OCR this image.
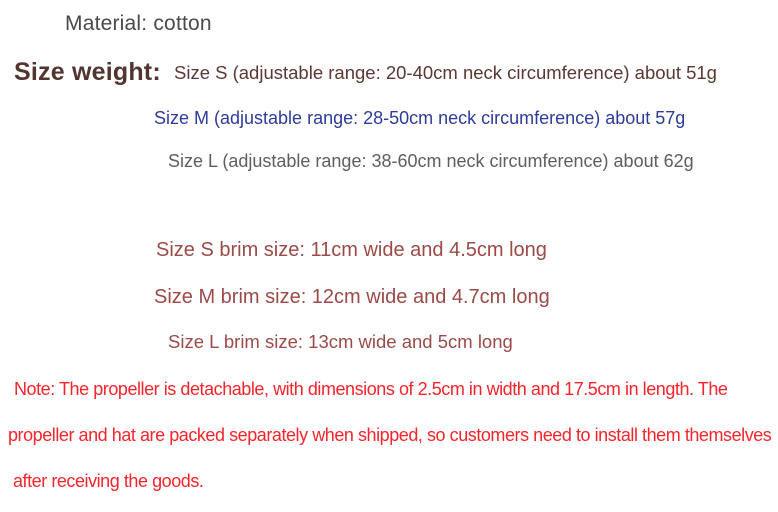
Material: cotton
Size weight: Size S (adjustable range: 20-40cm neck circumference) about 51g
Size M (adjustable range: 28-50cm neck circumference) about 57g
Size L (adjustable range: 38-60cm neck circumference) about 62g
Size S brim size: 11cm wide and 4.5cm long
Size M brim size: 12cm wide and 4.7cm long
Size L brim size: 13cm wide and 5cm long
Note: The propeller is detachable, with dimensions of 2.5cm in width and 17.5cm in length. The
propeller and hat are packed separately when shipped, so customers need to install them themselves
after receiving the goods.
